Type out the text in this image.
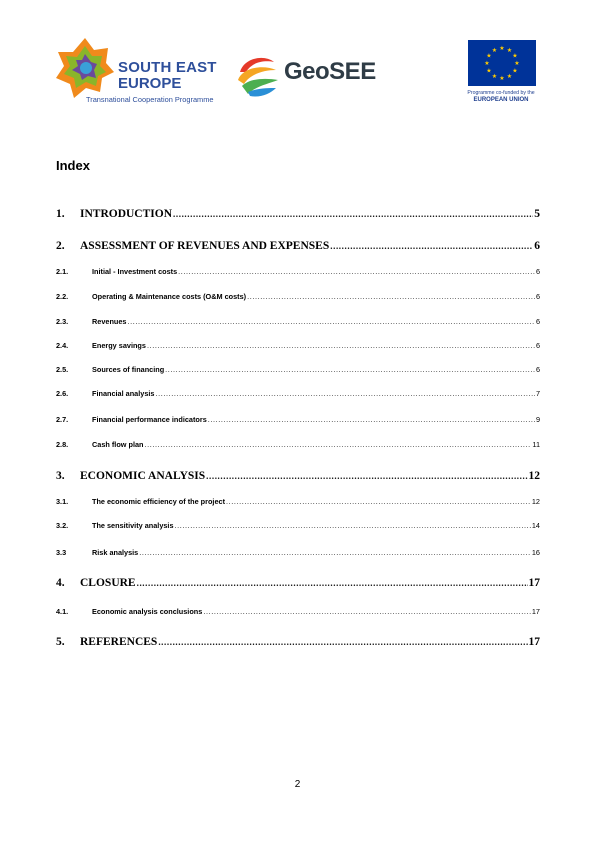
SOUTH EAST
EUROPE
Transnational Cooperation Programme
GeoSEE
★ ★
★
★
★
★
★
★
★
★
★
★
Programme co-funded by the
EUROPEAN UNION
Index
1.	INTRODUCTION .....	5
2.	ASSESSMENT OF REVENUES AND EXPENSES .....	6
2.1.	Initial - Investment costs .....	6
2.2.	Operating & Maintenance costs (O&M costs) .....	6
2.3.	Revenues .....	6
2.4.	Energy savings .....	6
2.5.	Sources of financing .....	6
2.6.	Financial analysis .....	7
2.7.	Financial performance indicators .....	9
2.8.	Cash flow plan .....	11
3.	ECONOMIC ANALYSIS .....	12
3.1.	The economic efficiency of the project .....	12
3.2.	The sensitivity analysis .....	14
3.3	Risk analysis .....	16
4.	CLOSURE .....	17
4.1.	Economic analysis conclusions .....	17
5.	REFERENCES .....	17
2
